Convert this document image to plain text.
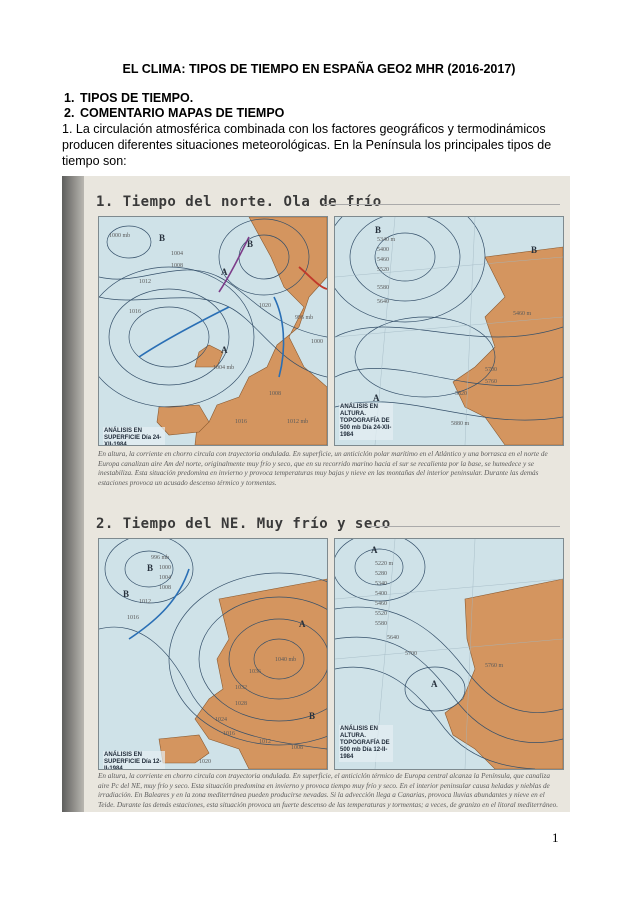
EL CLIMA: TIPOS DE TIEMPO EN ESPAÑA GEO2 MHR (2016-2017)
1. TIPOS DE TIEMPO.
2. COMENTARIO MAPAS DE TIEMPO
1. La circulación atmosférica combinada con los factores geográficos y termodinámicos producen diferentes situaciones meteorológicas. En la Península los principales tipos de tiempo son:
1. Tiempo del norte. Ola de frío
B
B
A
A
1000 mb
1004
1008
1012
1016
1020
996 mb
1000
1004 mb
1008
1012 mb
1016
ANÁLISIS EN SUPERFICIE Día 24-XII-1984
B
B
A
5340 m
5400
5460
5520
5580
5640
5700
5760
5820
5880 m
5460 m
ANÁLISIS EN ALTURA. TOPOGRAFÍA DE 500 mb Día 24-XII-1984
En altura, la corriente en chorro circula con trayectoria ondulada. En superficie, un anticiclón polar marítimo en el Atlántico y una borrasca en el norte de Europa canalizan aire Am del norte, originalmente muy frío y seco, que en su recorrido marino hacia el sur se recalienta por la base, se humedece y se inestabiliza. Esta situación predomina en invierno y provoca temperaturas muy bajas y nieve en las montañas del interior peninsular. Durante las demás estaciones provoca un acusado descenso térmico y tormentas.
2. Tiempo del NE. Muy frío y seco
B
B
A
B
996 mb
1000
1004
1008
1012
1016
1040 mb
1036
1032
1028
1024
1016
1012
1008
1020
ANÁLISIS EN SUPERFICIE Día 12-II-1984
A
A
5220 m
5280
5340
5400
5460
5520
5580
5640
5700
5760 m
ANÁLISIS EN ALTURA. TOPOGRAFÍA DE 500 mb Día 12-II-1984
En altura, la corriente en chorro circula con trayectoria ondulada. En superficie, el anticiclón térmico de Europa central alcanza la Península, que canaliza aire Pc del NE, muy frío y seco. Esta situación predomina en invierno y provoca tiempo muy frío y seco. En el interior peninsular causa heladas y nieblas de irradiación. En Baleares y en la zona mediterránea pueden producirse nevadas. Si la advección llega a Canarias, provoca lluvias abundantes y nieve en el Teide. Durante las demás estaciones, esta situación provoca un fuerte descenso de las temperaturas y tormentas; a veces, de granizo en el litoral mediterráneo.
1
